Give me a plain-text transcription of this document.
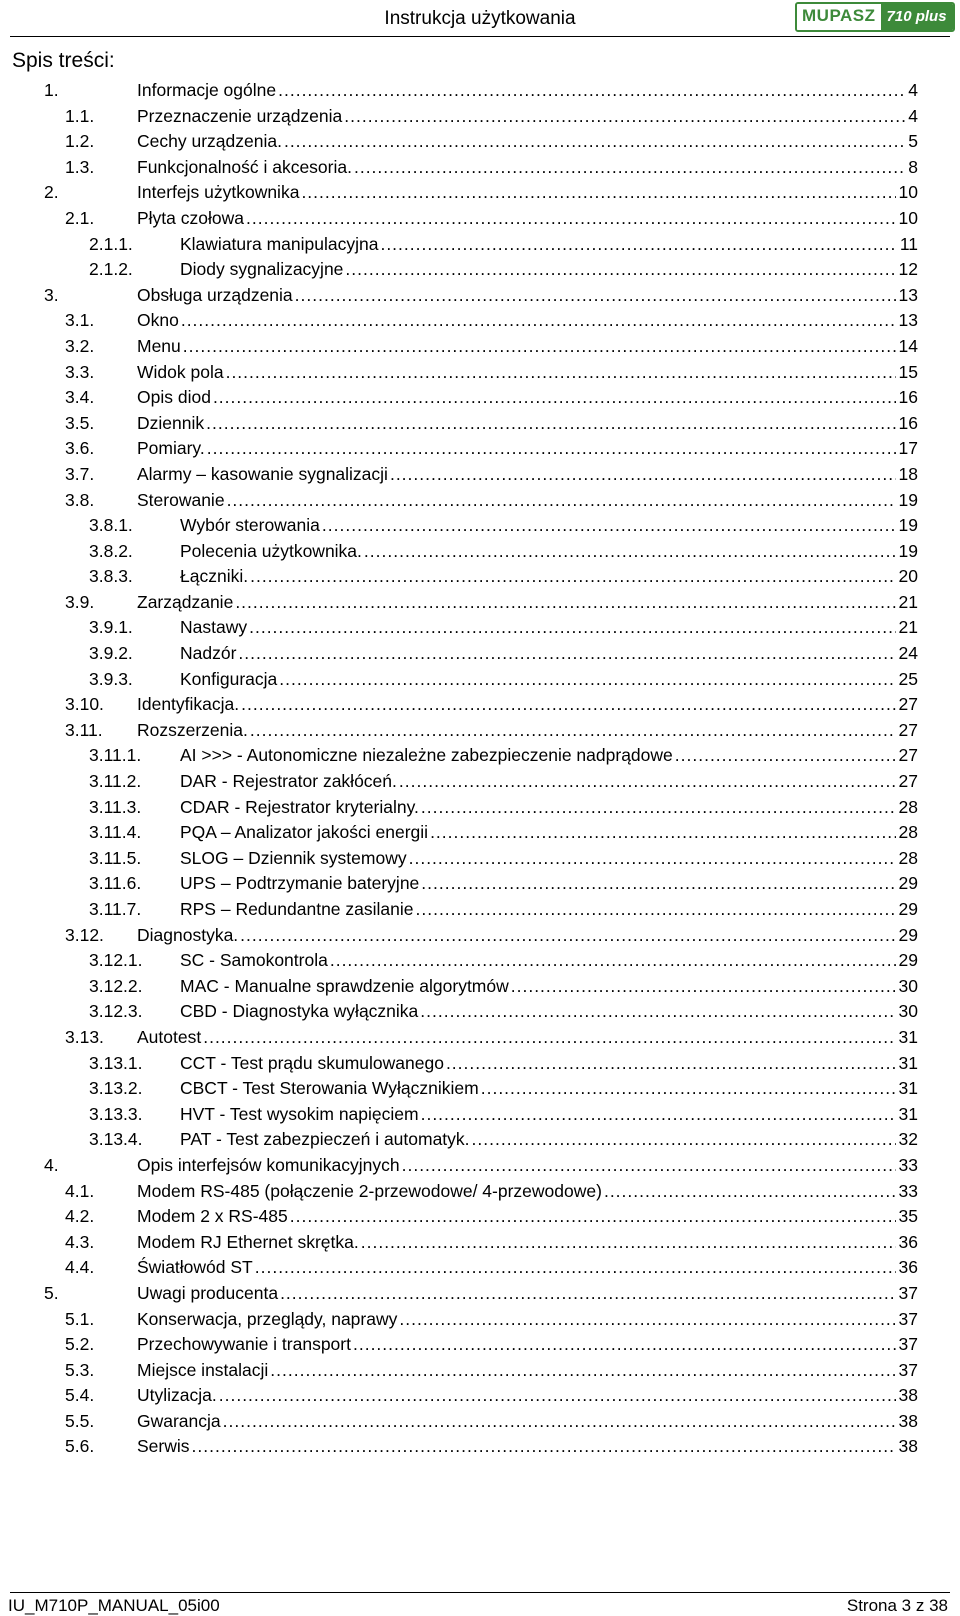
Instrukcja użytkowania	MUPASZ 710 plus
Spis treści:
1.	Informacje ogólne .....	4
1.1. Przeznaczenie urządzenia .....	4
1.2. Cechy urządzenia. .....	5
1.3. Funkcjonalność i akcesoria. .....	8
2.	Interfejs użytkownika .....	10
2.1. Płyta czołowa .....	10
2.1.1.	Klawiatura manipulacyjna .....	11
2.1.2.	Diody sygnalizacyjne .....	12
3.	Obsługa urządzenia .....	13
3.1. Okno .....	13
3.2. Menu .....	14
3.3. Widok pola .....	15
3.4. Opis diod .....	16
3.5. Dziennik .....	16
3.6. Pomiary. .....	17
3.7. Alarmy – kasowanie sygnalizacji .....	18
3.8. Sterowanie .....	19
3.8.1.	Wybór sterowania .....	19
3.8.2.	Polecenia użytkownika. .....	19
3.8.3.	Łączniki. .....	20
3.9. Zarządzanie .....	21
3.9.1.	Nastawy .....	21
3.9.2.	Nadzór .....	24
3.9.3.	Konfiguracja .....	25
3.10. Identyfikacja. .....	27
3.11. Rozszerzenia. .....	27
3.11.1. AI >>> - Autonomiczne niezależne zabezpieczenie nadprądowe .....	27
3.11.2. DAR - Rejestrator zakłóceń. .....	27
3.11.3. CDAR - Rejestrator kryterialny. .....	28
3.11.4. PQA – Analizator jakości energii .....	28
3.11.5. SLOG – Dziennik systemowy .....	28
3.11.6. UPS – Podtrzymanie bateryjne .....	29
3.11.7. RPS – Redundantne zasilanie .....	29
3.12. Diagnostyka. .....	29
3.12.1. SC - Samokontrola .....	29
3.12.2. MAC - Manualne sprawdzenie algorytmów .....	30
3.12.3. CBD - Diagnostyka wyłącznika .....	30
3.13. Autotest .....	31
3.13.1. CCT - Test prądu skumulowanego .....	31
3.13.2. CBCT - Test Sterowania Wyłącznikiem .....	31
3.13.3. HVT - Test wysokim napięciem .....	31
3.13.4. PAT - Test zabezpieczeń i automatyk. .....	32
4.	Opis interfejsów komunikacyjnych .....	33
4.1. Modem RS-485 (połączenie 2-przewodowe/ 4-przewodowe) .....	33
4.2. Modem 2 x RS-485 .....	35
4.3. Modem RJ Ethernet skrętka. .....	36
4.4. Światłowód ST .....	36
5.	Uwagi producenta .....	37
5.1. Konserwacja, przeglądy, naprawy .....	37
5.2. Przechowywanie i transport .....	37
5.3. Miejsce instalacji .....	37
5.4. Utylizacja. .....	38
5.5. Gwarancja .....	38
5.6. Serwis .....	38
IU_M710P_MANUAL_05i00	Strona 3 z 38
